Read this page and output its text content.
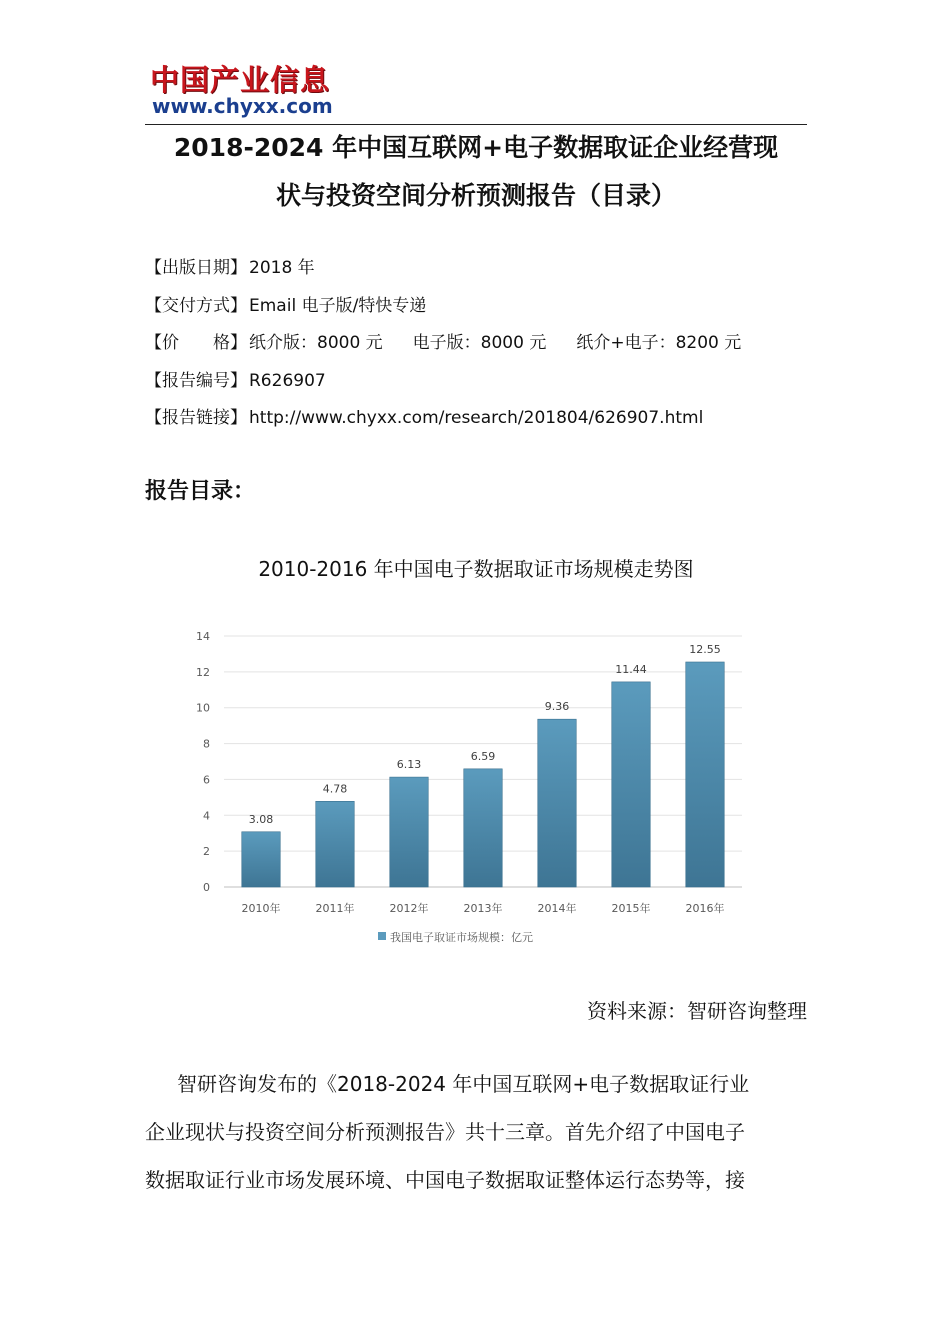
中国产业信息
www.chyxx.com
2018-2024 年中国互联网+电子数据取证企业经营现
状与投资空间分析预测报告（目录）
【出版日期】 2018 年
【交付方式】 Email 电子版/特快专递
【价　　格】 纸介版：8000 元 电子版：8000 元 纸介+电子：8200 元
【报告编号】 R626907
【报告链接】 http://www.chyxx.com/research/201804/626907.html
报告目录：
2010-2016 年中国电子数据取证市场规模走势图
0
2
4
6
8
10
12
14
3.08
2010年
4.78
2011年
6.13
2012年
6.59
2013年
9.36
2014年
11.44
2015年
12.55
2016年
我国电子取证市场规模：亿元
资料来源：智研咨询整理
智研咨询发布的《2018-2024 年中国互联网+电子数据取证行业
企业现状与投资空间分析预测报告》共十三章。首先介绍了中国电子
数据取证行业市场发展环境、中国电子数据取证整体运行态势等，接
